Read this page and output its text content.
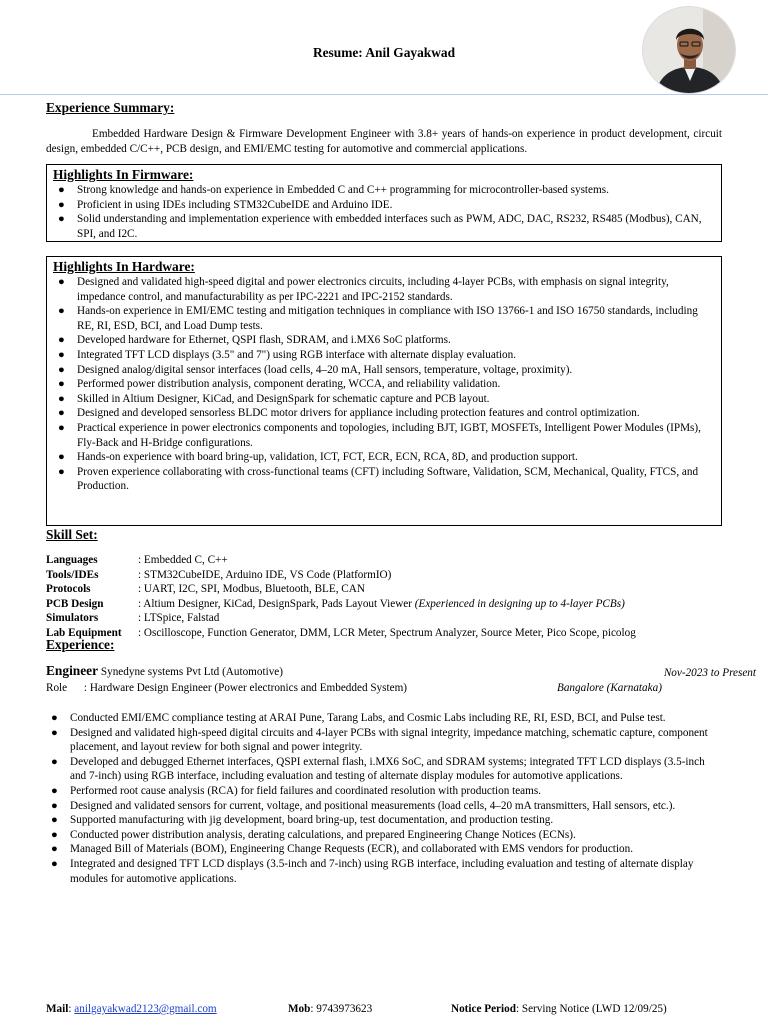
Resume: Anil Gayakwad
Experience Summary:
Embedded Hardware Design & Firmware Development Engineer with 3.8+ years of hands-on experience in product development, circuit design, embedded C/C++, PCB design, and EMI/EMC testing for automotive and commercial applications.
Highlights In Firmware:
● Strong knowledge and hands-on experience in Embedded C and C++ programming for microcontroller-based systems.
● Proficient in using IDEs including STM32CubeIDE and Arduino IDE.
● Solid understanding and implementation experience with embedded interfaces such as PWM, ADC, DAC, RS232, RS485 (Modbus), CAN, SPI, and I2C.
Highlights In Hardware:
● Designed and validated high-speed digital and power electronics circuits, including 4-layer PCBs, with emphasis on signal integrity, impedance control, and manufacturability as per IPC-2221 and IPC-2152 standards.
● Hands-on experience in EMI/EMC testing and mitigation techniques in compliance with ISO 13766-1 and ISO 16750 standards, including RE, RI, ESD, BCI, and Load Dump tests.
● Developed hardware for Ethernet, QSPI flash, SDRAM, and i.MX6 SoC platforms.
● Integrated TFT LCD displays (3.5" and 7") using RGB interface with alternate display evaluation.
● Designed analog/digital sensor interfaces (load cells, 4–20 mA, Hall sensors, temperature, voltage, proximity).
● Performed power distribution analysis, component derating, WCCA, and reliability validation.
● Skilled in Altium Designer, KiCad, and DesignSpark for schematic capture and PCB layout.
● Designed and developed sensorless BLDC motor drivers for appliance including protection features and control optimization.
● Practical experience in power electronics components and topologies, including BJT, IGBT, MOSFETs, Intelligent Power Modules (IPMs), Fly-Back and H-Bridge configurations.
● Hands-on experience with board bring-up, validation, ICT, FCT, ECR, ECN, RCA, 8D, and production support.
● Proven experience collaborating with cross-functional teams (CFT) including Software, Validation, SCM, Mechanical, Quality, FTCS, and Production.
Skill Set:
Languages	: Embedded C, C++
Tools/IDEs	: STM32CubeIDE, Arduino IDE, VS Code (PlatformIO)
Protocols	: UART, I2C, SPI, Modbus, Bluetooth, BLE, CAN
PCB Design	: Altium Designer, KiCad, DesignSpark, Pads Layout Viewer (Experienced in designing up to 4-layer PCBs)
Simulators	: LTSpice, Falstad
Lab Equipment	: Oscilloscope, Function Generator, DMM, LCR Meter, Spectrum Analyzer, Source Meter, Pico Scope, picolog
Experience:
Engineer Synedyne systems Pvt Ltd (Automotive)	Nov-2023 to Present
Role      : Hardware Design Engineer (Power electronics and Embedded System)	Bangalore (Karnataka)
● Conducted EMI/EMC compliance testing at ARAI Pune, Tarang Labs, and Cosmic Labs including RE, RI, ESD, BCI, and Pulse test.
● Designed and validated high-speed digital circuits and 4-layer PCBs with signal integrity, impedance matching, schematic capture, component placement, and layout review for both signal and power integrity.
● Developed and debugged Ethernet interfaces, QSPI external flash, i.MX6 SoC, and SDRAM systems; integrated TFT LCD displays (3.5-inch and 7-inch) using RGB interface, including evaluation and testing of alternate display modules for automotive applications.
● Performed root cause analysis (RCA) for field failures and coordinated resolution with production teams.
● Designed and validated sensors for current, voltage, and positional measurements (load cells, 4–20 mA transmitters, Hall sensors, etc.).
● Supported manufacturing with jig development, board bring-up, test documentation, and production testing.
● Conducted power distribution analysis, derating calculations, and prepared Engineering Change Notices (ECNs).
● Managed Bill of Materials (BOM), Engineering Change Requests (ECR), and collaborated with EMS vendors for production.
● Integrated and designed TFT LCD displays (3.5-inch and 7-inch) using RGB interface, including evaluation and testing of alternate display modules for automotive applications.
Mail: anilgayakwad2123@gmail.com	Mob: 9743973623	Notice Period: Serving Notice (LWD 12/09/25)
